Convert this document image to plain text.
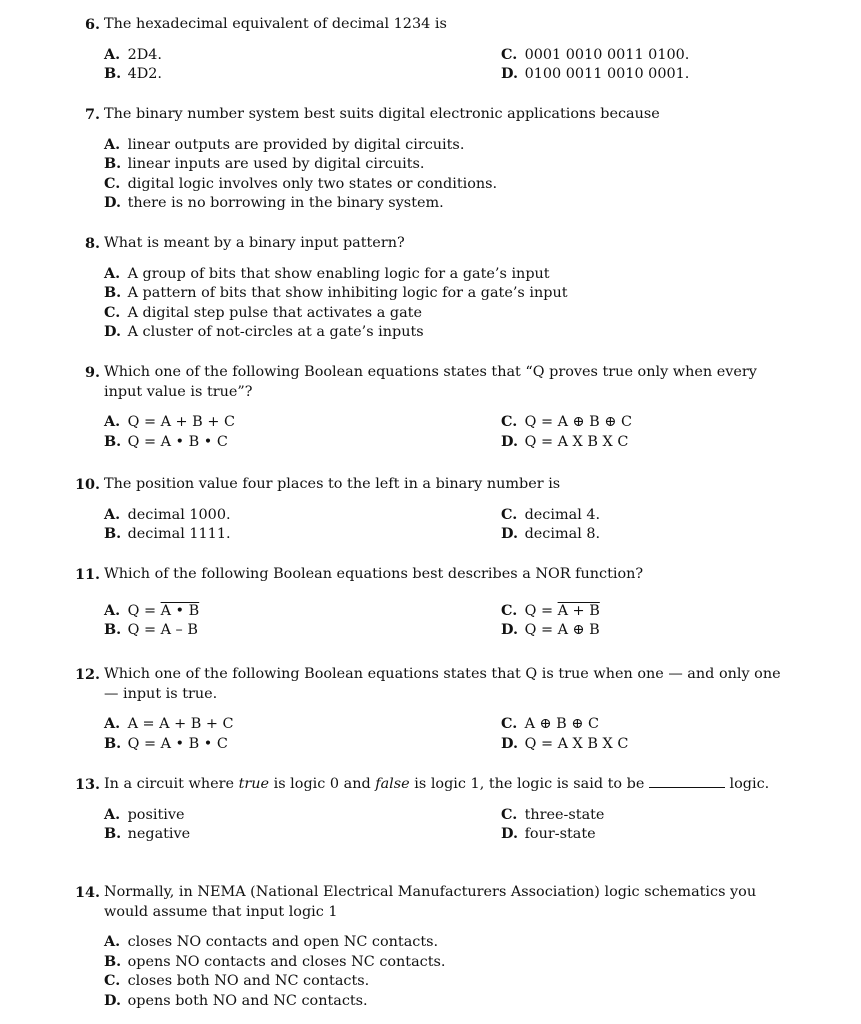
6. The hexadecimal equivalent of decimal 1234 is
A. 2D4.
B. 4D2.
C. 0001 0010 0011 0100.
D. 0100 0011 0010 0001.
7. The binary number system best suits digital electronic applications because
A. linear outputs are provided by digital circuits.
B. linear inputs are used by digital circuits.
C. digital logic involves only two states or conditions.
D. there is no borrowing in the binary system.
8. What is meant by a binary input pattern?
A. A group of bits that show enabling logic for a gate’s input
B. A pattern of bits that show inhibiting logic for a gate’s input
C. A digital step pulse that activates a gate
D. A cluster of not-circles at a gate’s inputs
9. Which one of the following Boolean equations states that “Q proves true only when every input value is true”?
A. Q = A + B + C
B. Q = A • B • C
C. Q = A ⊕ B ⊕ C
D. Q = A X B X C
10. The position value four places to the left in a binary number is
A. decimal 1000.
B. decimal 1111.
C. decimal 4.
D. decimal 8.
11. Which of the following Boolean equations best describes a NOR function?
A. Q = A • B
B. Q = A – B
C. Q = A + B
D. Q = A ⊕ B
12. Which one of the following Boolean equations states that Q is true when one — and only one — input is true.
A. A = A + B + C
B. Q = A • B • C
C. A ⊕ B ⊕ C
D. Q = A X B X C
13. In a circuit where true is logic 0 and false is logic 1, the logic is said to be	logic.
A. positive
B. negative
C. three-state
D. four-state
14. Normally, in NEMA (National Electrical Manufacturers Association) logic schematics you would assume that input logic 1
A. closes NO contacts and open NC contacts.
B. opens NO contacts and closes NC contacts.
C. closes both NO and NC contacts.
D. opens both NO and NC contacts.
